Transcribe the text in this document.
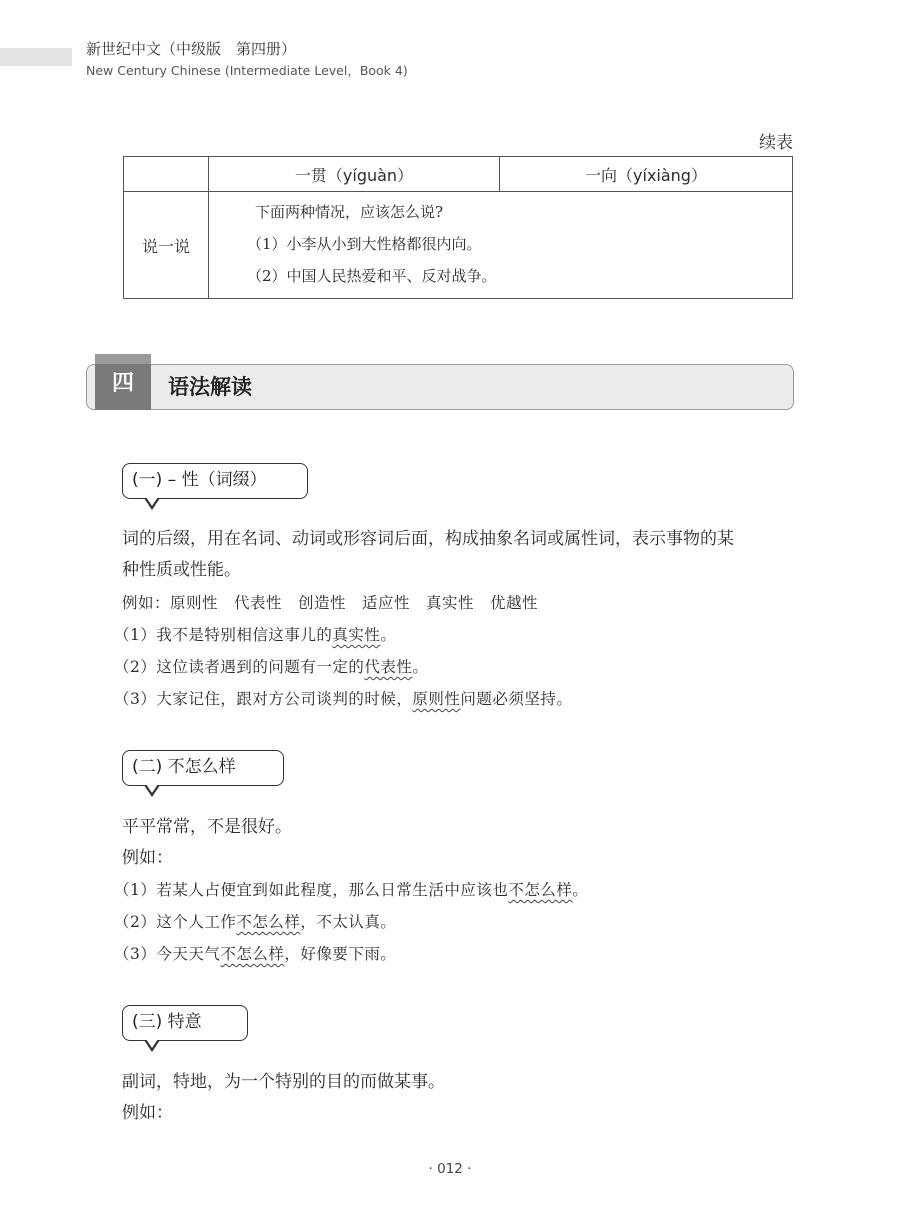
新世纪中文（中级版　第四册）
New Century Chinese (Intermediate Level，Book 4)
续表
	一贯（yíguàn）	一向（yíxiàng）
说一说	下面两种情况，应该怎么说?
（1）小李从小到大性格都很内向。
（2）中国人民热爱和平、反对战争。	
四	语法解读
(一) – 性（词缀）
词的后缀，用在名词、动词或形容词后面，构成抽象名词或属性词，表示事物的某
种性质或性能。
例如：原则性　代表性　创造性　适应性　真实性　优越性
（1）我不是特别相信这事儿的真实性。
（2）这位读者遇到的问题有一定的代表性。
（3）大家记住，跟对方公司谈判的时候，原则性问题必须坚持。
(二) 不怎么样
平平常常，不是很好。
例如：
（1）若某人占便宜到如此程度，那么日常生活中应该也不怎么样。
（2）这个人工作不怎么样，不太认真。
（3）今天天气不怎么样，好像要下雨。
(三) 特意
副词，特地，为一个特别的目的而做某事。
例如：
· 012 ·
